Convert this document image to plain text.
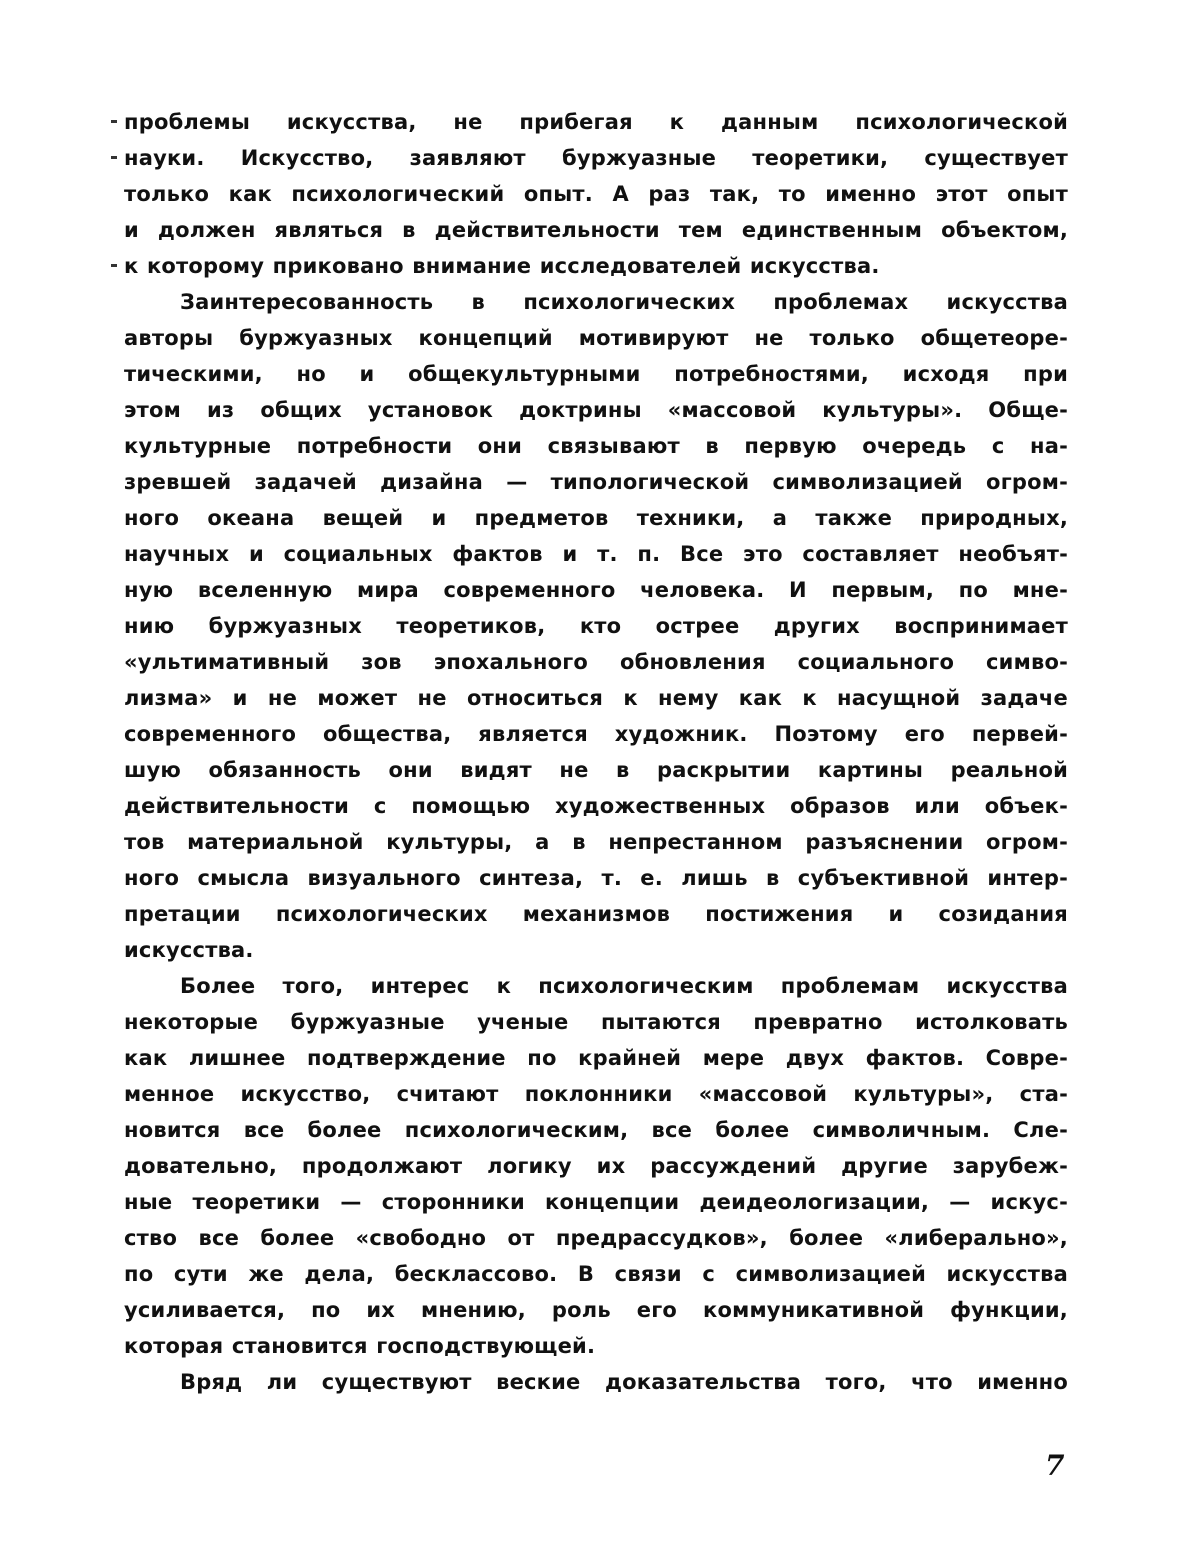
проблемы искусства, не прибегая к данным психологической
науки. Искусство, заявляют буржуазные теоретики, существует
только как психологический опыт. А раз так, то именно этот опыт
и должен являться в действительности тем единственным объектом,
к которому приковано внимание исследователей искусства.
Заинтересованность в психологических проблемах искусства
авторы буржуазных концепций мотивируют не только общетеоре-
тическими, но и общекультурными потребностями, исходя при
этом из общих установок доктрины «массовой культуры». Обще-
культурные потребности они связывают в первую очередь с на-
зревшей задачей дизайна — типологической символизацией огром-
ного океана вещей и предметов техники, а также природных,
научных и социальных фактов и т. п. Все это составляет необъят-
ную вселенную мира современного человека. И первым, по мне-
нию буржуазных теоретиков, кто острее других воспринимает
«ультимативный зов эпохального обновления социального симво-
лизма» и не может не относиться к нему как к насущной задаче
современного общества, является художник. Поэтому его первей-
шую обязанность они видят не в раскрытии картины реальной
действительности с помощью художественных образов или объек-
тов материальной культуры, а в непрестанном разъяснении огром-
ного смысла визуального синтеза, т. е. лишь в субъективной интер-
претации психологических механизмов постижения и созидания
искусства.
Более того, интерес к психологическим проблемам искусства
некоторые буржуазные ученые пытаются превратно истолковать
как лишнее подтверждение по крайней мере двух фактов. Совре-
менное искусство, считают поклонники «массовой культуры», ста-
новится все более психологическим, все более символичным. Сле-
довательно, продолжают логику их рассуждений другие зарубеж-
ные теоретики — сторонники концепции деидеологизации, — искус-
ство все более «свободно от предрассудков», более «либерально»,
по сути же дела, бесклассово. В связи с символизацией искусства
усиливается, по их мнению, роль его коммуникативной функции,
которая становится господствующей.
Вряд ли существуют веские доказательства того, что именно
7
